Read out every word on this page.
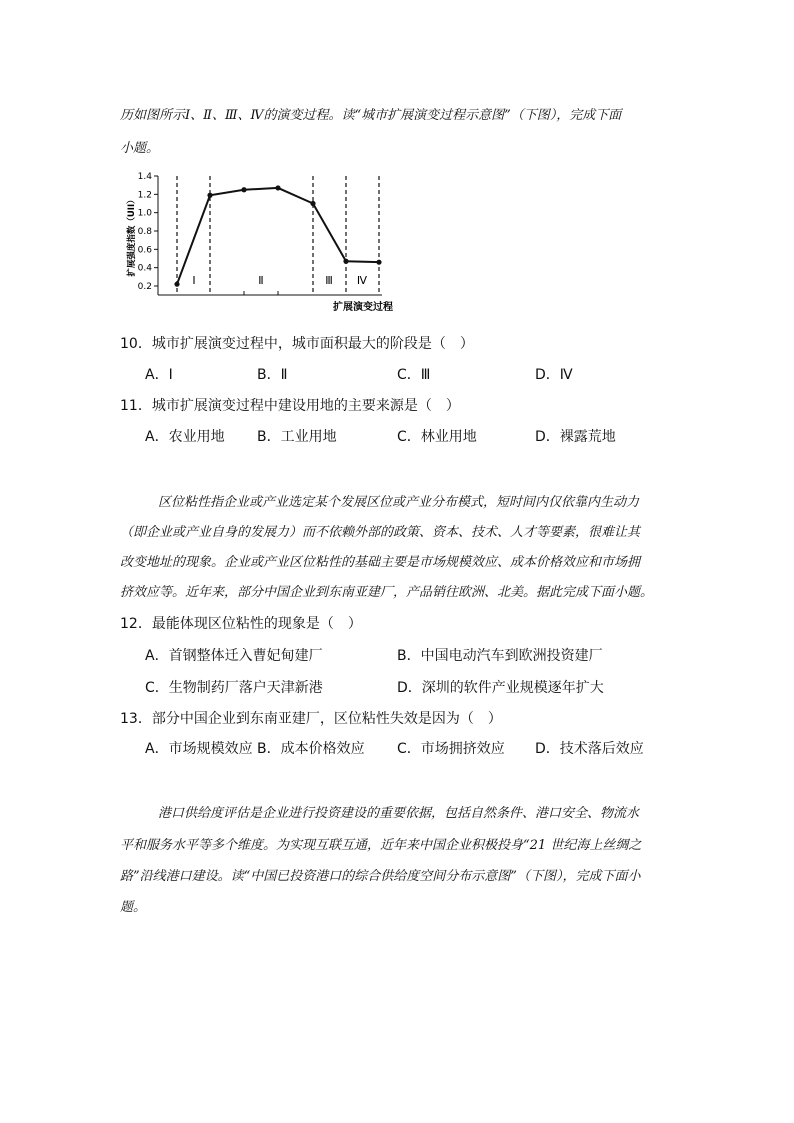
历如图所示Ⅰ、Ⅱ、Ⅲ、Ⅳ的演变过程。读“城市扩展演变过程示意图”（下图），完成下面
小题。
0.2
0.4
0.6
0.8
1.0
1.2
1.4
Ⅰ	Ⅱ	Ⅲ Ⅳ
扩展强度指数（UII）
扩展演变过程
10．城市扩展演变过程中，城市面积最大的阶段是（　）
A．Ⅰ	B．Ⅱ	C．Ⅲ	D．Ⅳ
11．城市扩展演变过程中建设用地的主要来源是（　）
A．农业用地 B．工业用地	C．林业用地	D．裸露荒地
区位粘性指企业或产业选定某个发展区位或产业分布模式，短时间内仅依靠内生动力
（即企业或产业自身的发展力）而不依赖外部的政策、资本、技术、人才等要素，很难让其
改变地址的现象。企业或产业区位粘性的基础主要是市场规模效应、成本价格效应和市场拥
挤效应等。近年来，部分中国企业到东南亚建厂，产品销往欧洲、北美。据此完成下面小题。
12．最能体现区位粘性的现象是（　）
A．首钢整体迁入曹妃甸建厂	B．中国电动汽车到欧洲投资建厂
C．生物制药厂落户天津新港	D．深圳的软件产业规模逐年扩大
13．部分中国企业到东南亚建厂，区位粘性失效是因为（　）
A．市场规模效应 B．成本价格效应 C．市场拥挤效应 D．技术落后效应
港口供给度评估是企业进行投资建设的重要依据，包括自然条件、港口安全、物流水
平和服务水平等多个维度。为实现互联互通，近年来中国企业积极投身“21 世纪海上丝绸之
路”沿线港口建设。读“中国已投资港口的综合供给度空间分布示意图”（下图），完成下面小
题。
